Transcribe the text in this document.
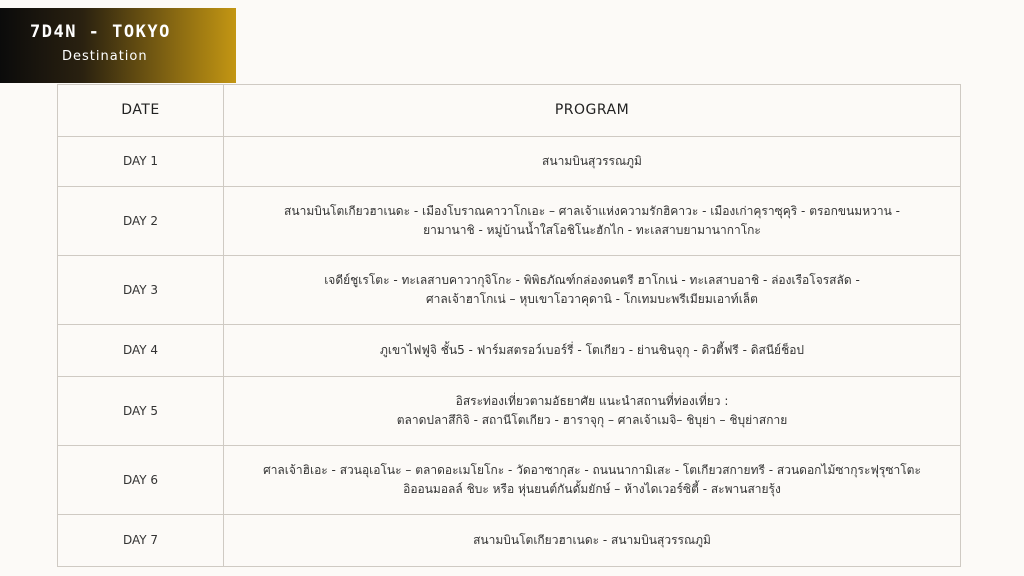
7D4N - TOKYO
Destination
DATE	PROGRAM
DAY 1	สนามบินสุวรรณภูมิ

DAY 2	สนามบินโตเกียวฮาเนดะ - เมืองโบราณคาวาโกเอะ – ศาลเจ้าแห่งความรักฮิคาวะ - เมืองเก่าคุราซุคุริ - ตรอกขนมหวาน -
ยามานาชิ - หมู่บ้านน้ำใสโอชิโนะฮักไก - ทะเลสาบยามานากาโกะ

DAY 3	เจดีย์ชูเรโตะ - ทะเลสาบคาวากุจิโกะ - พิพิธภัณฑ์กล่องดนตรี ฮาโกเน่ - ทะเลสาบอาชิ - ล่องเรือโจรสลัด -
ศาลเจ้าฮาโกเน่ – หุบเขาโอวาคุดานิ - โกเทมบะพรีเมียมเอาท์เล็ต

DAY 4	ภูเขาไฟฟูจิ ชั้น5 - ฟาร์มสตรอว์เบอร์รี่ - โตเกียว - ย่านชินจุกุ - ดิวตี้ฟรี - ดิสนีย์ช็อป

DAY 5	อิสระท่องเที่ยวตามอัธยาศัย แนะนำสถานที่ท่องเที่ยว :
ตลาดปลาสึกิจิ - สถานีโตเกียว - ฮาราจุกุ – ศาลเจ้าเมจิ– ชิบุย่า – ชิบุย่าสกาย

DAY 6	ศาลเจ้าฮิเอะ - สวนอุเอโนะ – ตลาดอะเมโยโกะ - วัดอาซากุสะ - ถนนนากามิเสะ - โตเกียวสกายทรี - สวนดอกไม้ซากุระฟุรุซาโตะ
อิออนมอลล์ ชิบะ หรือ หุ่นยนต์กันดั้มยักษ์ – ห้างไดเวอร์ซิตี้ - สะพานสายรุ้ง

DAY 7	สนามบินโตเกียวฮาเนดะ - สนามบินสุวรรณภูมิ
